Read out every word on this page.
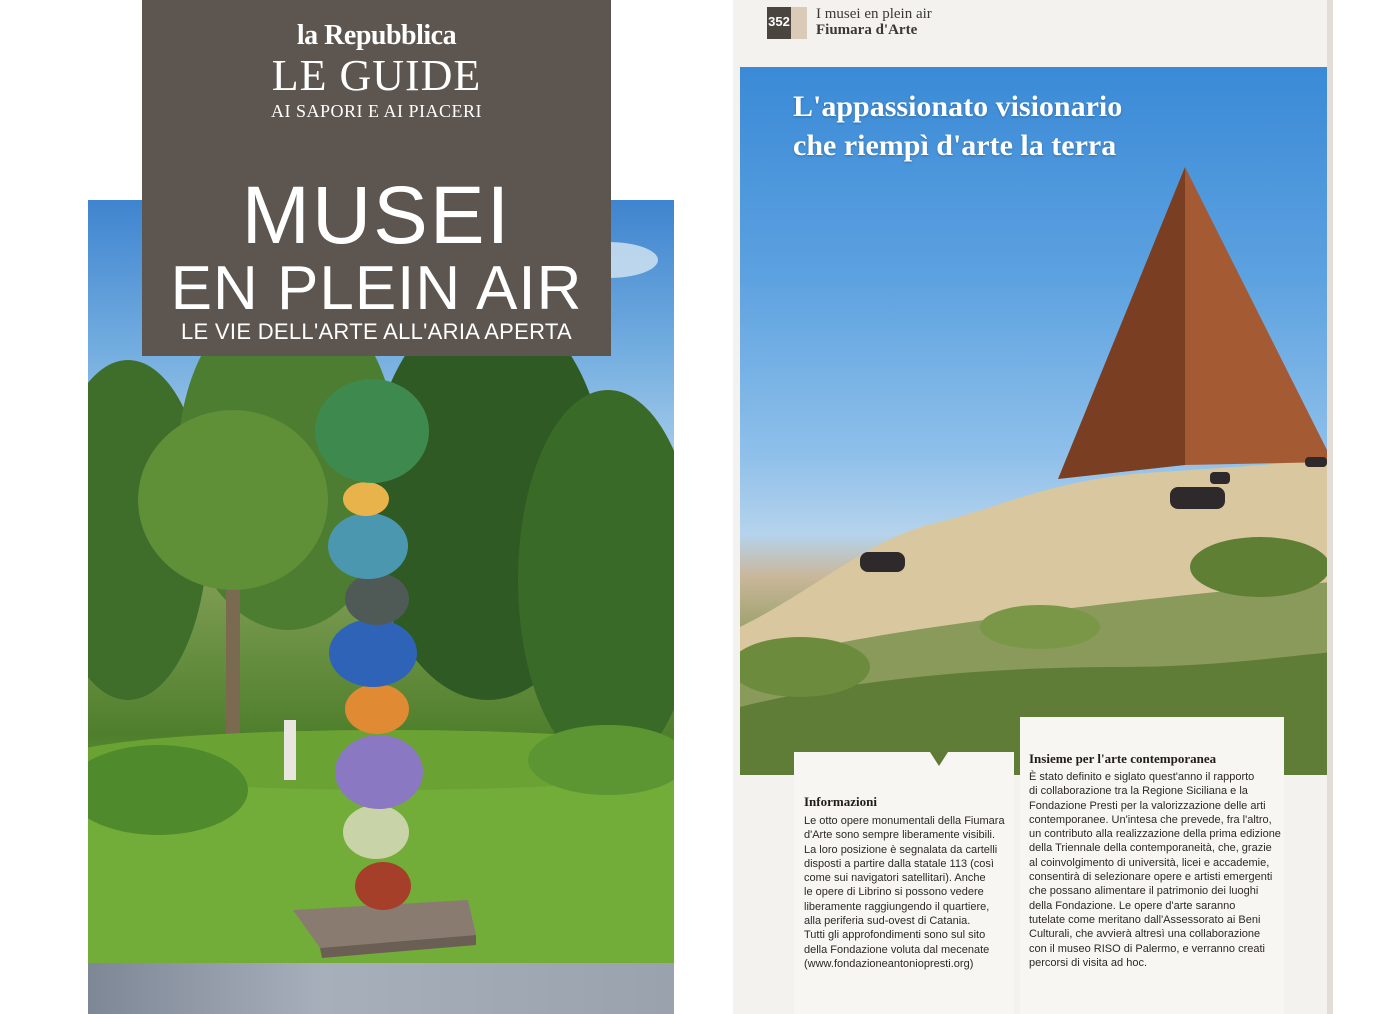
la Repubblica
LE GUIDE
AI SAPORI E AI PIACERI
MUSEI
EN PLEIN AIR
LE VIE DELL'ARTE ALL'ARIA APERTA
352 I musei en plein air
Fiumara d'Arte
L'appassionato visionario
che riempì d'arte la terra
Informazioni
Le otto opere monumentali della Fiumara
d'Arte sono sempre liberamente visibili.
La loro posizione è segnalata da cartelli
disposti a partire dalla statale 113 (così
come sui navigatori satellitari). Anche
le opere di Librino si possono vedere
liberamente raggiungendo il quartiere,
alla periferia sud-ovest di Catania.
Tutti gli approfondimenti sono sul sito
della Fondazione voluta dal mecenate
(www.fondazioneantoniopresti.org)
Insieme per l'arte contemporanea
È stato definito e siglato quest'anno il rapporto
di collaborazione tra la Regione Siciliana e la
Fondazione Presti per la valorizzazione delle arti
contemporanee. Un'intesa che prevede, fra l'altro,
un contributo alla realizzazione della prima edizione
della Triennale della contemporaneità, che, grazie
al coinvolgimento di università, licei e accademie,
consentirà di selezionare opere e artisti emergenti
che possano alimentare il patrimonio dei luoghi
della Fondazione. Le opere d'arte saranno
tutelate come meritano dall'Assessorato ai Beni
Culturali, che avvierà altresì una collaborazione
con il museo RISO di Palermo, e verranno creati
percorsi di visita ad hoc.
